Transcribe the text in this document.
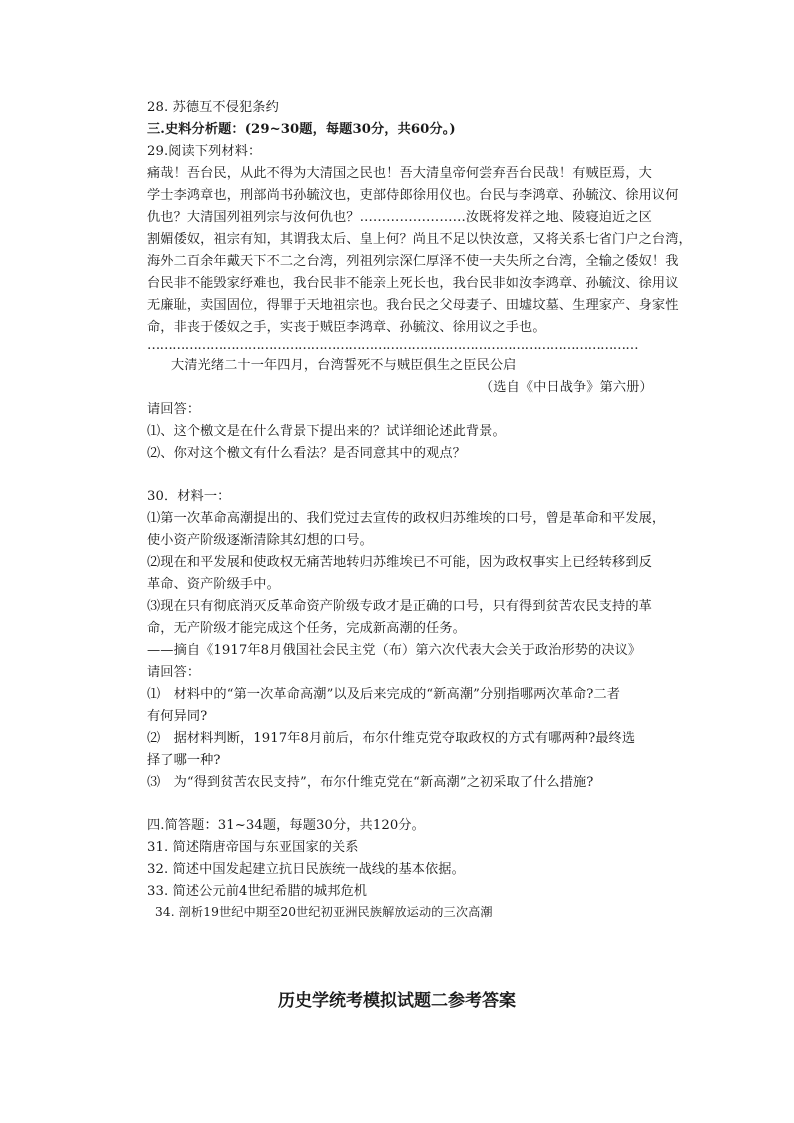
28. 苏德互不侵犯条约
三.史料分析题：(29~30题，每题30分，共60分。)
29.阅读下列材料：
痛哉！吾台民，从此不得为大清国之民也！吾大清皇帝何尝弃吾台民哉！有贼臣焉，大
学士李鸿章也，刑部尚书孙毓汶也，吏部侍郎徐用仪也。台民与李鸿章、孙毓汶、徐用议何
仇也？大清国列祖列宗与汝何仇也？……………………汝既将发祥之地、陵寝迫近之区
割媚倭奴，祖宗有知，其谓我太后、皇上何？尚且不足以快汝意，又将关系七省门户之台湾，
海外二百余年戴天下不二之台湾，列祖列宗深仁厚泽不使一夫失所之台湾，全输之倭奴！我
台民非不能毁家纾难也，我台民非不能亲上死长也，我台民非如汝李鸿章、孙毓汶、徐用议
无廉耻，卖国固位，得罪于天地祖宗也。我台民之父母妻子、田墟坟墓、生理家产、身家性
命，非丧于倭奴之手，实丧于贼臣李鸿章、孙毓汶、徐用议之手也。
………………………………………………………………………………………………………
大清光绪二十一年四月，台湾誓死不与贼臣俱生之臣民公启
（选自《中日战争》第六册）
请回答：
⑴、这个檄文是在什么背景下提出来的？试详细论述此背景。
⑵、你对这个檄文有什么看法？是否同意其中的观点？
30．材料一：
⑴第一次革命高潮提出的、我们党过去宣传的政权归苏维埃的口号，曾是革命和平发展，
使小资产阶级逐渐清除其幻想的口号。
⑵现在和平发展和使政权无痛苦地转归苏维埃已不可能，因为政权事实上已经转移到反
革命、资产阶级手中。
⑶现在只有彻底消灭反革命资产阶级专政才是正确的口号，只有得到贫苦农民支持的革
命，无产阶级才能完成这个任务，完成新高潮的任务。
——摘自《1917年8月俄国社会民主党（布）第六次代表大会关于政治形势的决议》
请回答：
⑴　材料中的“第一次革命高潮”以及后来完成的“新高潮”分别指哪两次革命?二者
有何异同?
⑵　据材料判断，1917年8月前后，布尔什维克党夺取政权的方式有哪两种?最终选
择了哪一种?
⑶　为“得到贫苦农民支持”，布尔什维克党在“新高潮”之初采取了什么措施?
四.简答题：31~34题，每题30分，共120分。
31. 简述隋唐帝国与东亚国家的关系
32. 简述中国发起建立抗日民族统一战线的基本依据。
33. 简述公元前4世纪希腊的城邦危机
34. 剖析19世纪中期至20世纪初亚洲民族解放运动的三次高潮
历史学统考模拟试题二参考答案
